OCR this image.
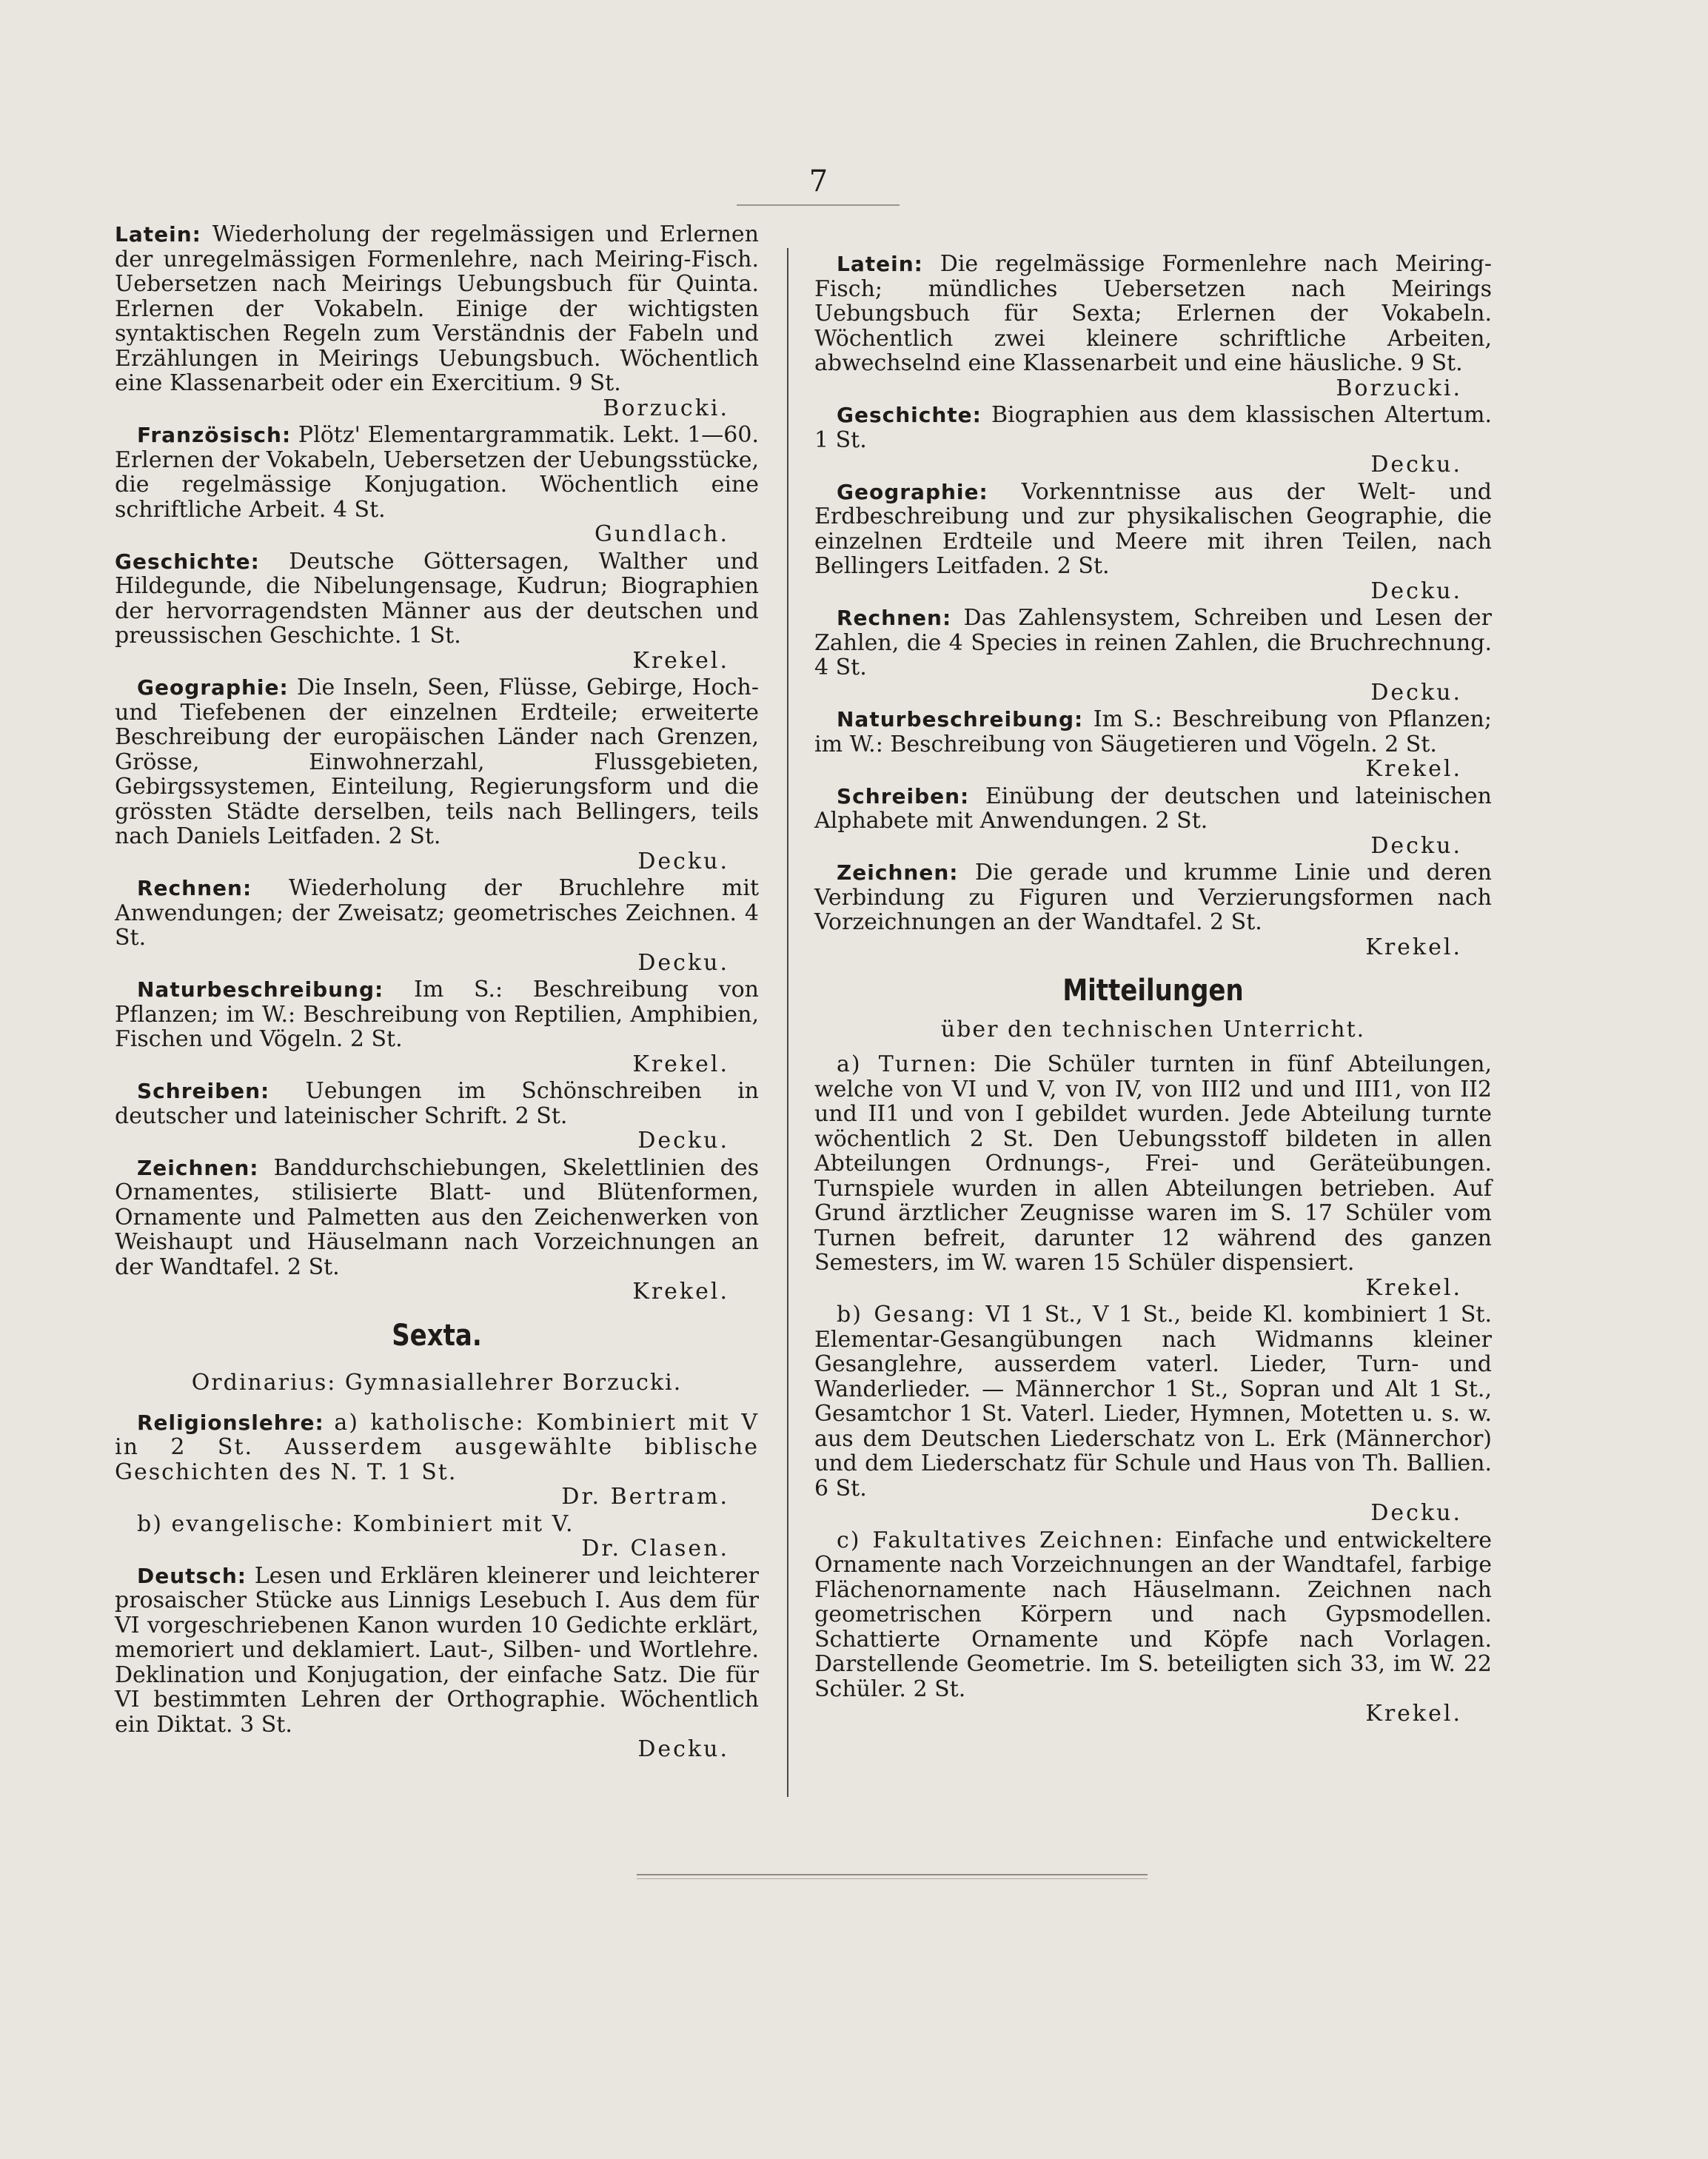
7

Latein: Wiederholung der regelmässigen und Erlernen der unregelmässigen Formenlehre, nach Meiring-Fisch. Uebersetzen nach Meirings Uebungsbuch für Quinta. Erlernen der Vokabeln. Einige der wichtigsten syntaktischen Regeln zum Verständnis der Fabeln und Erzählungen in Meirings Uebungsbuch. Wöchentlich eine Klassenarbeit oder ein Exercitium. 9 St.
Borzucki.

Französisch: Plötz' Elementargrammatik. Lekt. 1—60. Erlernen der Vokabeln, Uebersetzen der Uebungsstücke, die regelmässige Konjugation. Wöchentlich eine schriftliche Arbeit. 4 St.
Gundlach.

Geschichte: Deutsche Göttersagen, Walther und Hildegunde, die Nibelungensage, Kudrun; Biographien der hervorragendsten Männer aus der deutschen und preussischen Geschichte. 1 St.
Krekel.

Geographie: Die Inseln, Seen, Flüsse, Gebirge, Hoch- und Tiefebenen der einzelnen Erdteile; erweiterte Beschreibung der europäischen Länder nach Grenzen, Grösse, Einwohnerzahl, Flussgebieten, Gebirgssystemen, Einteilung, Regierungsform und die grössten Städte derselben, teils nach Bellingers, teils nach Daniels Leitfaden. 2 St.
Decku.

Rechnen: Wiederholung der Bruchlehre mit Anwendungen; der Zweisatz; geometrisches Zeichnen. 4 St.
Decku.

Naturbeschreibung: Im S.: Beschreibung von Pflanzen; im W.: Beschreibung von Reptilien, Amphibien, Fischen und Vögeln. 2 St.
Krekel.

Schreiben: Uebungen im Schönschreiben in deutscher und lateinischer Schrift. 2 St.
Decku.

Zeichnen: Banddurchschiebungen, Skelettlinien des Ornamentes, stilisierte Blatt- und Blütenformen, Ornamente und Palmetten aus den Zeichenwerken von Weishaupt und Häuselmann nach Vorzeichnungen an der Wandtafel. 2 St.
Krekel.

Sexta.

Ordinarius: Gymnasiallehrer Borzucki.

Religionslehre: a) katholische: Kombiniert mit V in 2 St. Ausserdem ausgewählte biblische Geschichten des N. T. 1 St.
Dr. Bertram.

b) evangelische: Kombiniert mit V.
Dr. Clasen.

Deutsch: Lesen und Erklären kleinerer und leichterer prosaischer Stücke aus Linnigs Lesebuch I. Aus dem für VI vorgeschriebenen Kanon wurden 10 Gedichte erklärt, memoriert und deklamiert. Laut-, Silben- und Wortlehre. Deklination und Konjugation, der einfache Satz. Die für VI bestimmten Lehren der Orthographie. Wöchentlich ein Diktat. 3 St.
Decku.

Latein: Die regelmässige Formenlehre nach Meiring-Fisch; mündliches Uebersetzen nach Meirings Uebungsbuch für Sexta; Erlernen der Vokabeln. Wöchentlich zwei kleinere schriftliche Arbeiten, abwechselnd eine Klassenarbeit und eine häusliche. 9 St.
Borzucki.

Geschichte: Biographien aus dem klassischen Altertum. 1 St.
Decku.

Geographie: Vorkenntnisse aus der Welt- und Erdbeschreibung und zur physikalischen Geographie, die einzelnen Erdteile und Meere mit ihren Teilen, nach Bellingers Leitfaden. 2 St.
Decku.

Rechnen: Das Zahlensystem, Schreiben und Lesen der Zahlen, die 4 Species in reinen Zahlen, die Bruchrechnung. 4 St.
Decku.

Naturbeschreibung: Im S.: Beschreibung von Pflanzen; im W.: Beschreibung von Säugetieren und Vögeln. 2 St.
Krekel.

Schreiben: Einübung der deutschen und lateinischen Alphabete mit Anwendungen. 2 St.
Decku.

Zeichnen: Die gerade und krumme Linie und deren Verbindung zu Figuren und Verzierungsformen nach Vorzeichnungen an der Wandtafel. 2 St.
Krekel.

Mitteilungen

über den technischen Unterricht.

a) Turnen: Die Schüler turnten in fünf Abteilungen, welche von VI und V, von IV, von III2 und und III1, von II2 und II1 und von I gebildet wurden. Jede Abteilung turnte wöchentlich 2 St. Den Uebungsstoff bildeten in allen Abteilungen Ordnungs-, Frei- und Geräteübungen. Turnspiele wurden in allen Abteilungen betrieben. Auf Grund ärztlicher Zeugnisse waren im S. 17 Schüler vom Turnen befreit, darunter 12 während des ganzen Semesters, im W. waren 15 Schüler dispensiert.
Krekel.

b) Gesang: VI 1 St., V 1 St., beide Kl. kombiniert 1 St. Elementar-Gesangübungen nach Widmanns kleiner Gesanglehre, ausserdem vaterl. Lieder, Turn- und Wanderlieder. — Männerchor 1 St., Sopran und Alt 1 St., Gesamtchor 1 St. Vaterl. Lieder, Hymnen, Motetten u. s. w. aus dem Deutschen Liederschatz von L. Erk (Männerchor) und dem Liederschatz für Schule und Haus von Th. Ballien. 6 St.
Decku.

c) Fakultatives Zeichnen: Einfache und entwickeltere Ornamente nach Vorzeichnungen an der Wandtafel, farbige Flächenornamente nach Häuselmann. Zeichnen nach geometrischen Körpern und nach Gypsmodellen. Schattierte Ornamente und Köpfe nach Vorlagen. Darstellende Geometrie. Im S. beteiligten sich 33, im W. 22 Schüler. 2 St.
Krekel.
